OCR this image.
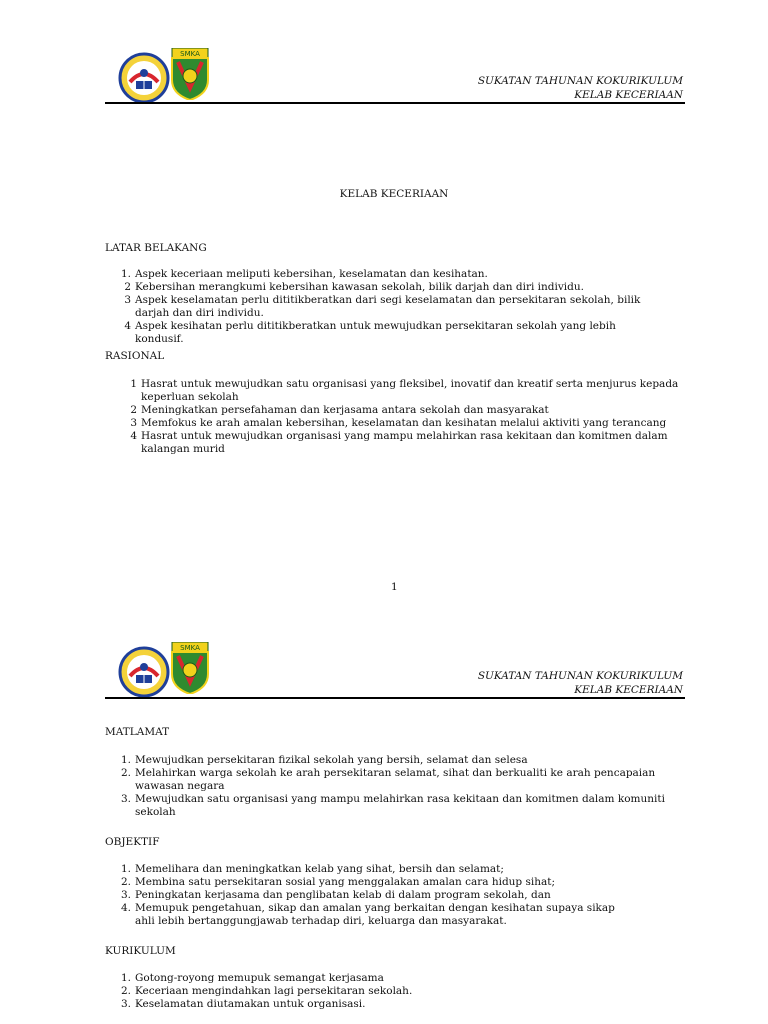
SMKA
SUKATAN TAHUNAN KOKURIKULUM
KELAB KECERIAAN
KELAB KECERIAAN
LATAR BELAKANG
1. Aspek keceriaan meliputi kebersihan, keselamatan dan kesihatan.
2 Kebersihan merangkumi kebersihan kawasan sekolah, bilik darjah dan diri individu.
3 Aspek keselamatan perlu dititikberatkan dari segi keselamatan dan persekitaran sekolah, bilik darjah dan diri individu.
4 Aspek kesihatan perlu dititikberatkan untuk mewujudkan persekitaran sekolah yang lebih kondusif.
RASIONAL
1 Hasrat untuk mewujudkan satu organisasi yang fleksibel, inovatif dan kreatif serta menjurus kepada keperluan sekolah
2 Meningkatkan persefahaman dan kerjasama antara sekolah dan masyarakat
3 Memfokus ke arah amalan kebersihan, keselamatan dan kesihatan melalui aktiviti yang terancang
4 Hasrat untuk mewujudkan organisasi yang mampu melahirkan rasa kekitaan dan komitmen dalam kalangan murid
1
SMKA
SUKATAN TAHUNAN KOKURIKULUM
KELAB KECERIAAN
MATLAMAT
1. Mewujudkan persekitaran fizikal sekolah yang bersih, selamat dan selesa
2. Melahirkan warga sekolah ke arah persekitaran selamat, sihat dan berkualiti ke arah pencapaian wawasan negara
3. Mewujudkan satu organisasi yang mampu melahirkan rasa kekitaan dan komitmen dalam komuniti sekolah
OBJEKTIF
1. Memelihara dan meningkatkan kelab yang sihat, bersih dan selamat;
2. Membina satu persekitaran sosial yang menggalakan amalan cara hidup sihat;
3. Peningkatan kerjasama dan penglibatan kelab di dalam program sekolah, dan
4. Memupuk pengetahuan, sikap dan amalan yang berkaitan dengan kesihatan supaya sikap ahli lebih bertanggungjawab terhadap diri, keluarga dan masyarakat.
KURIKULUM
1. Gotong-royong memupuk semangat kerjasama
2. Keceriaan mengindahkan lagi persekitaran sekolah.
3. Keselamatan diutamakan untuk organisasi.
